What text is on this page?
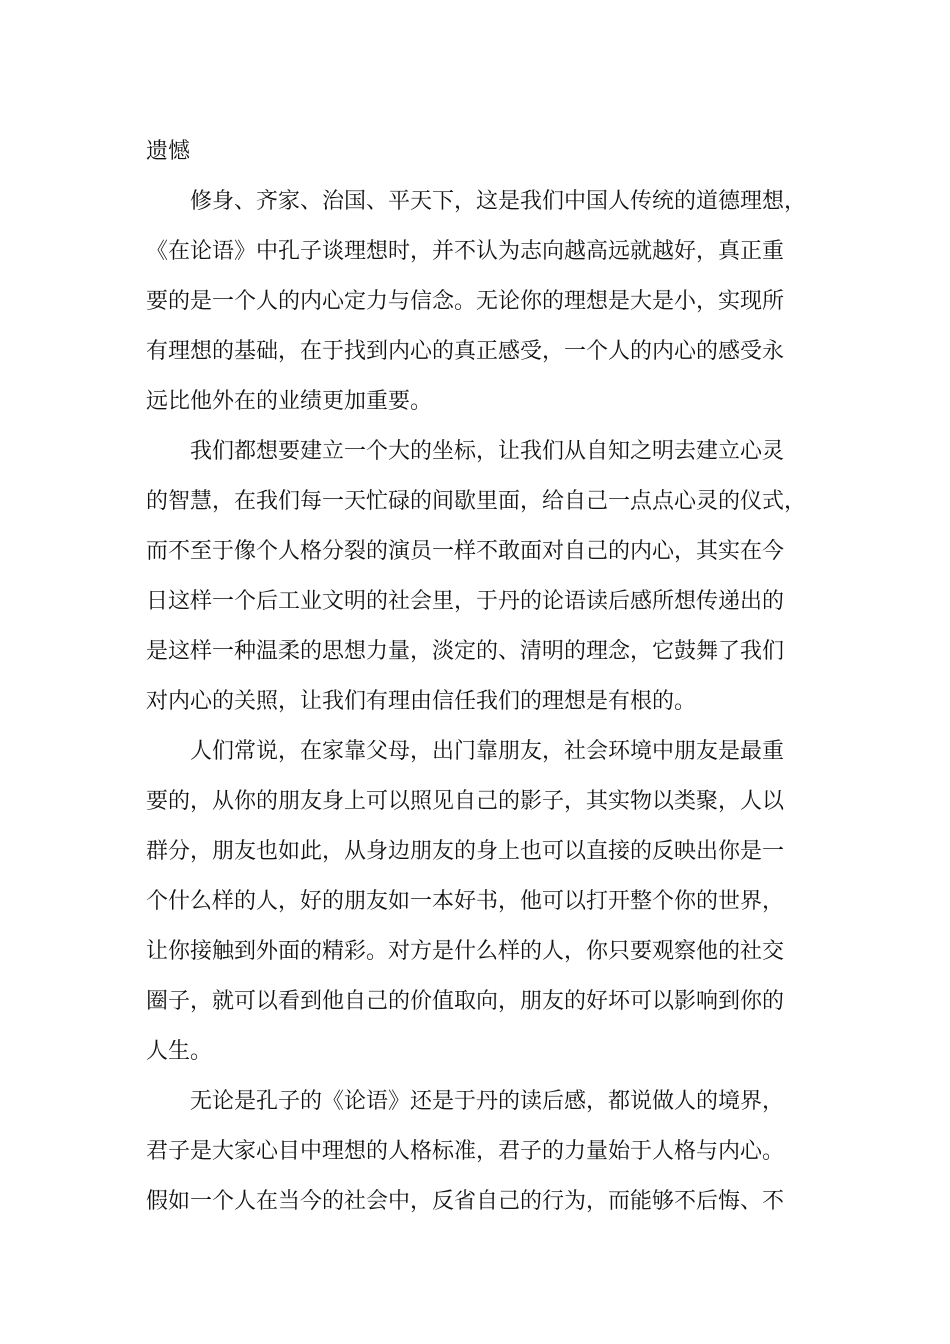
遗憾
修身、齐家、治国、平天下，这是我们中国人传统的道德理想，
《在论语》中孔子谈理想时，并不认为志向越高远就越好，真正重
要的是一个人的内心定力与信念。无论你的理想是大是小，实现所
有理想的基础，在于找到内心的真正感受，一个人的内心的感受永
远比他外在的业绩更加重要。
我们都想要建立一个大的坐标，让我们从自知之明去建立心灵
的智慧，在我们每一天忙碌的间歇里面，给自己一点点心灵的仪式，
而不至于像个人格分裂的演员一样不敢面对自己的内心，其实在今
日这样一个后工业文明的社会里，于丹的论语读后感所想传递出的
是这样一种温柔的思想力量，淡定的、清明的理念，它鼓舞了我们
对内心的关照，让我们有理由信任我们的理想是有根的。
人们常说，在家靠父母，出门靠朋友，社会环境中朋友是最重
要的，从你的朋友身上可以照见自己的影子，其实物以类聚，人以
群分，朋友也如此，从身边朋友的身上也可以直接的反映出你是一
个什么样的人，好的朋友如一本好书，他可以打开整个你的世界，
让你接触到外面的精彩。对方是什么样的人，你只要观察他的社交
圈子，就可以看到他自己的价值取向，朋友的好坏可以影响到你的
人生。
无论是孔子的《论语》还是于丹的读后感，都说做人的境界，
君子是大家心目中理想的人格标准，君子的力量始于人格与内心。
假如一个人在当今的社会中，反省自己的行为，而能够不后悔、不
